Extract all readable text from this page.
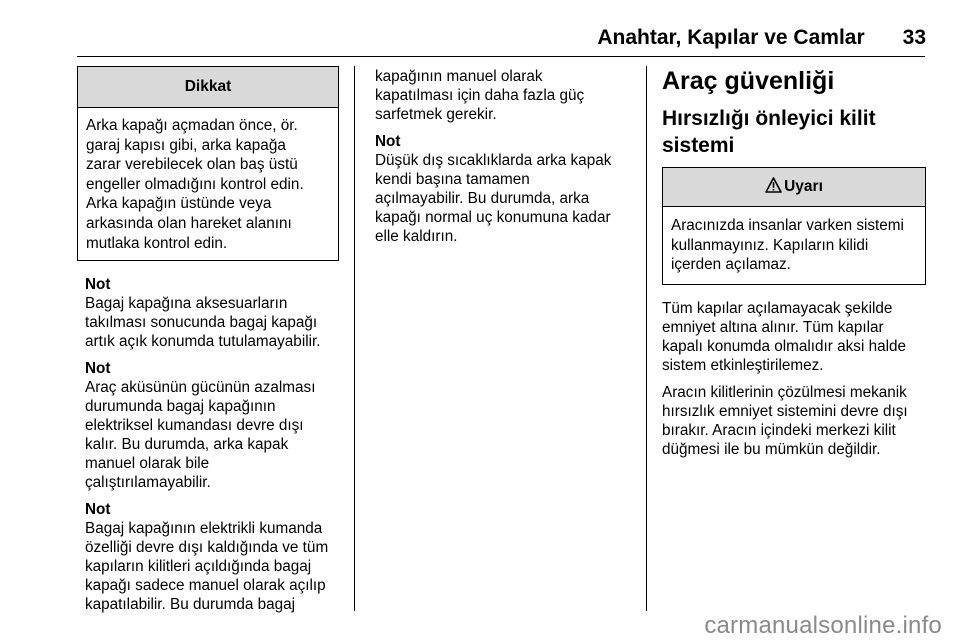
Anahtar, Kapılar ve Camlar 33
Dikkat
Arka kapağı açmadan önce, ör.
garaj kapısı gibi, arka kapağa
zarar verebilecek olan baş üstü
engeller olmadığını kontrol edin.
Arka kapağın üstünde veya
arkasında olan hareket alanını
mutlaka kontrol edin.

Not
Bagaj kapağına aksesuarların
takılması sonucunda bagaj kapağı
artık açık konumda tutulamayabilir.

Not
Araç aküsünün gücünün azalması
durumunda bagaj kapağının
elektriksel kumandası devre dışı
kalır. Bu durumda, arka kapak
manuel olarak bile
çalıştırılamayabilir.

Not
Bagaj kapağının elektrikli kumanda
özelliği devre dışı kaldığında ve tüm
kapıların kilitleri açıldığında bagaj
kapağı sadece manuel olarak açılıp
kapatılabilir. Bu durumda bagaj

kapağının manuel olarak
kapatılması için daha fazla güç
sarfetmek gerekir.

Not
Düşük dış sıcaklıklarda arka kapak
kendi başına tamamen
açılmayabilir. Bu durumda, arka
kapağı normal uç konumuna kadar
elle kaldırın.

Araç güvenliği
Hırsızlığı önleyici kilit
sistemi
Uyarı
Aracınızda insanlar varken sistemi
kullanmayınız. Kapıların kilidi
içerden açılamaz.

Tüm kapılar açılamayacak şekilde
emniyet altına alınır. Tüm kapılar
kapalı konumda olmalıdır aksi halde
sistem etkinleştirilemez.

Aracın kilitlerinin çözülmesi mekanik
hırsızlık emniyet sistemini devre dışı
bırakır. Aracın içindeki merkezi kilit
düğmesi ile bu mümkün değildir.

carmanualsonline.info
